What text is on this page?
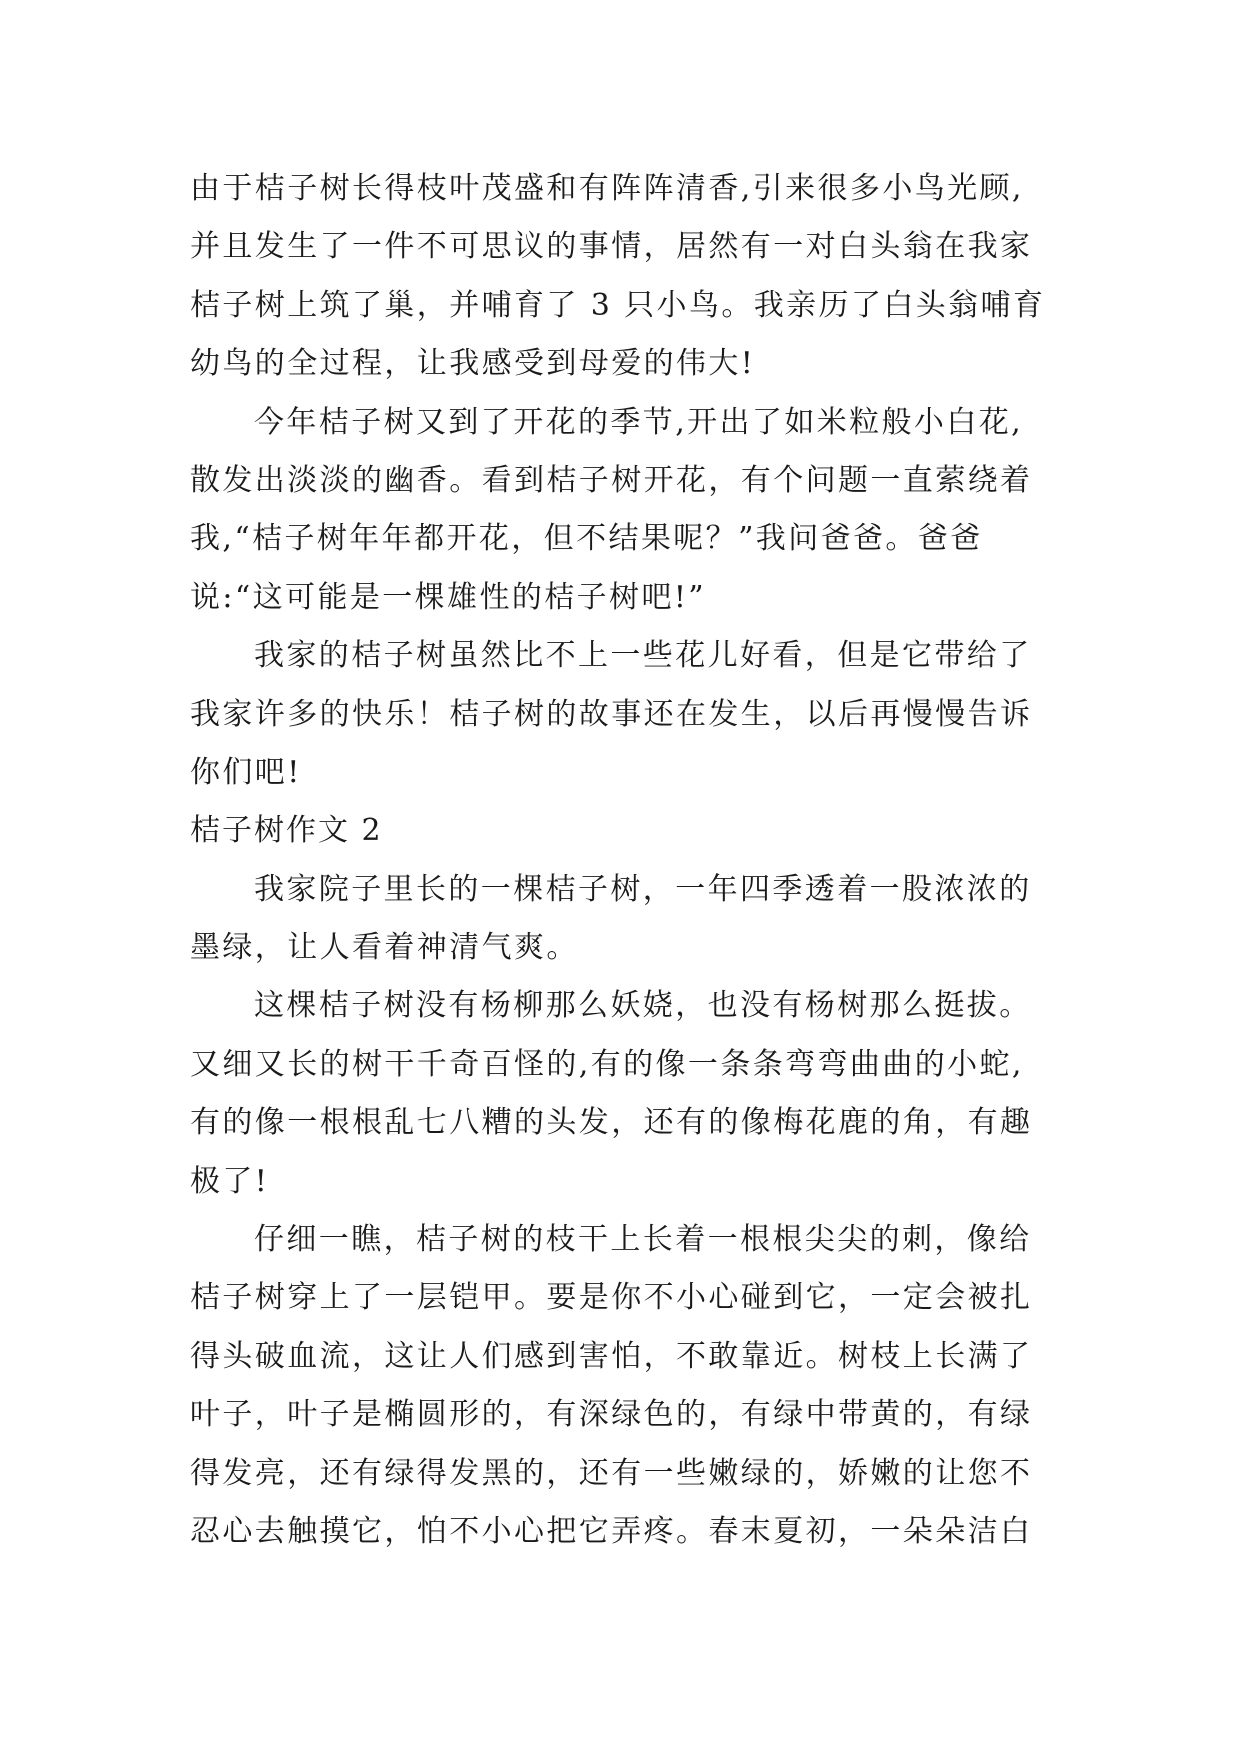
由于桔子树长得枝叶茂盛和有阵阵清香,引来很多小鸟光顾,
并且发生了一件不可思议的事情，居然有一对白头翁在我家
桔子树上筑了巢，并哺育了 3 只小鸟。我亲历了白头翁哺育
幼鸟的全过程，让我感受到母爱的伟大!
今年桔子树又到了开花的季节,开出了如米粒般小白花,
散发出淡淡的幽香。看到桔子树开花，有个问题一直萦绕着
我,“桔子树年年都开花，但不结果呢？”我问爸爸。爸爸
说:“这可能是一棵雄性的桔子树吧!”
我家的桔子树虽然比不上一些花儿好看，但是它带给了
我家许多的快乐！桔子树的故事还在发生，以后再慢慢告诉
你们吧!
桔子树作文 2
我家院子里长的一棵桔子树，一年四季透着一股浓浓的
墨绿，让人看着神清气爽。
这棵桔子树没有杨柳那么妖娆，也没有杨树那么挺拔。
又细又长的树干千奇百怪的,有的像一条条弯弯曲曲的小蛇,
有的像一根根乱七八糟的头发，还有的像梅花鹿的角，有趣
极了!
仔细一瞧，桔子树的枝干上长着一根根尖尖的刺，像给
桔子树穿上了一层铠甲。要是你不小心碰到它，一定会被扎
得头破血流，这让人们感到害怕，不敢靠近。树枝上长满了
叶子，叶子是椭圆形的，有深绿色的，有绿中带黄的，有绿
得发亮，还有绿得发黑的，还有一些嫩绿的，娇嫩的让您不
忍心去触摸它，怕不小心把它弄疼。春末夏初，一朵朵洁白
